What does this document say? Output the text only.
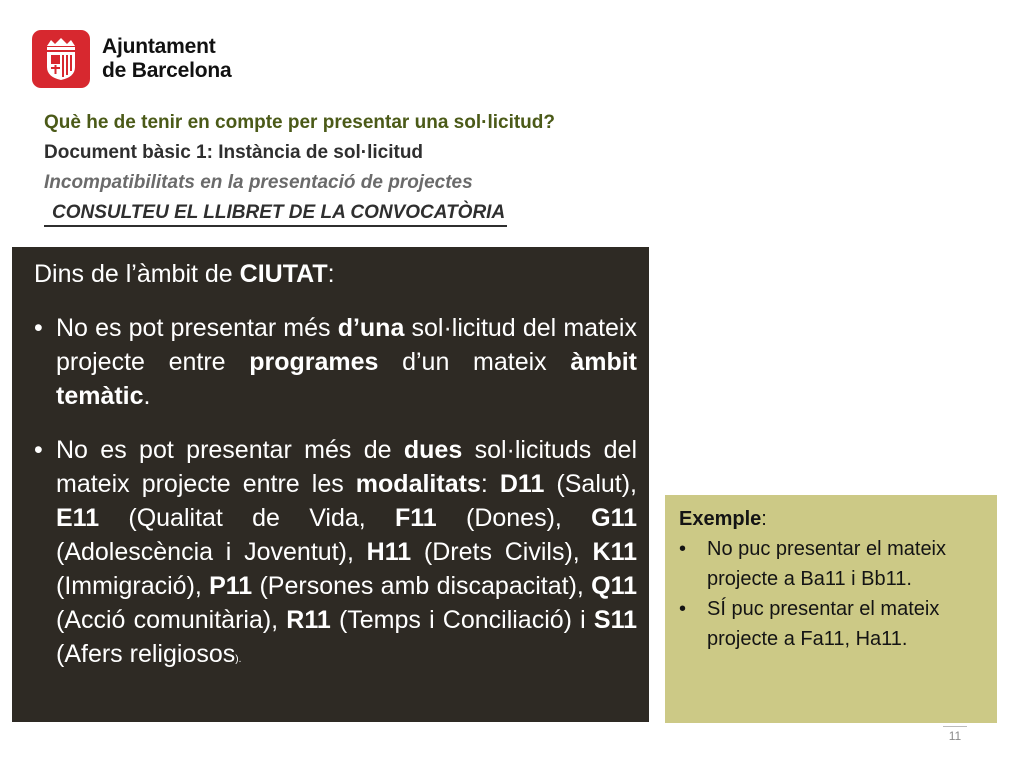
Ajuntament
de Barcelona
Què he de tenir en compte per presentar una sol·licitud?
Document bàsic 1: Instància de sol·licitud
Incompatibilitats en la presentació de projectes
CONSULTEU EL LLIBRET DE LA CONVOCATÒRIA

Dins de l’àmbit de CIUTAT:

• No es pot presentar més d’una sol·licitud del mateix projecte entre programes d’un mateix àmbit temàtic.
• No es pot presentar més de dues sol·licituds del mateix projecte entre les modalitats: D11 (Salut), E11 (Qualitat de Vida, F11 (Dones), G11 (Adolescència i Joventut), H11 (Drets Civils), K11 (Immigració), P11 (Persones amb discapacitat), Q11 (Acció comunitària), R11 (Temps i Conciliació) i S11 (Afers religiosos).

Exemple:

• No puc presentar el mateix projecte a Ba11 i Bb11.
• SÍ puc presentar el mateix projecte a Fa11, Ha11.
11
